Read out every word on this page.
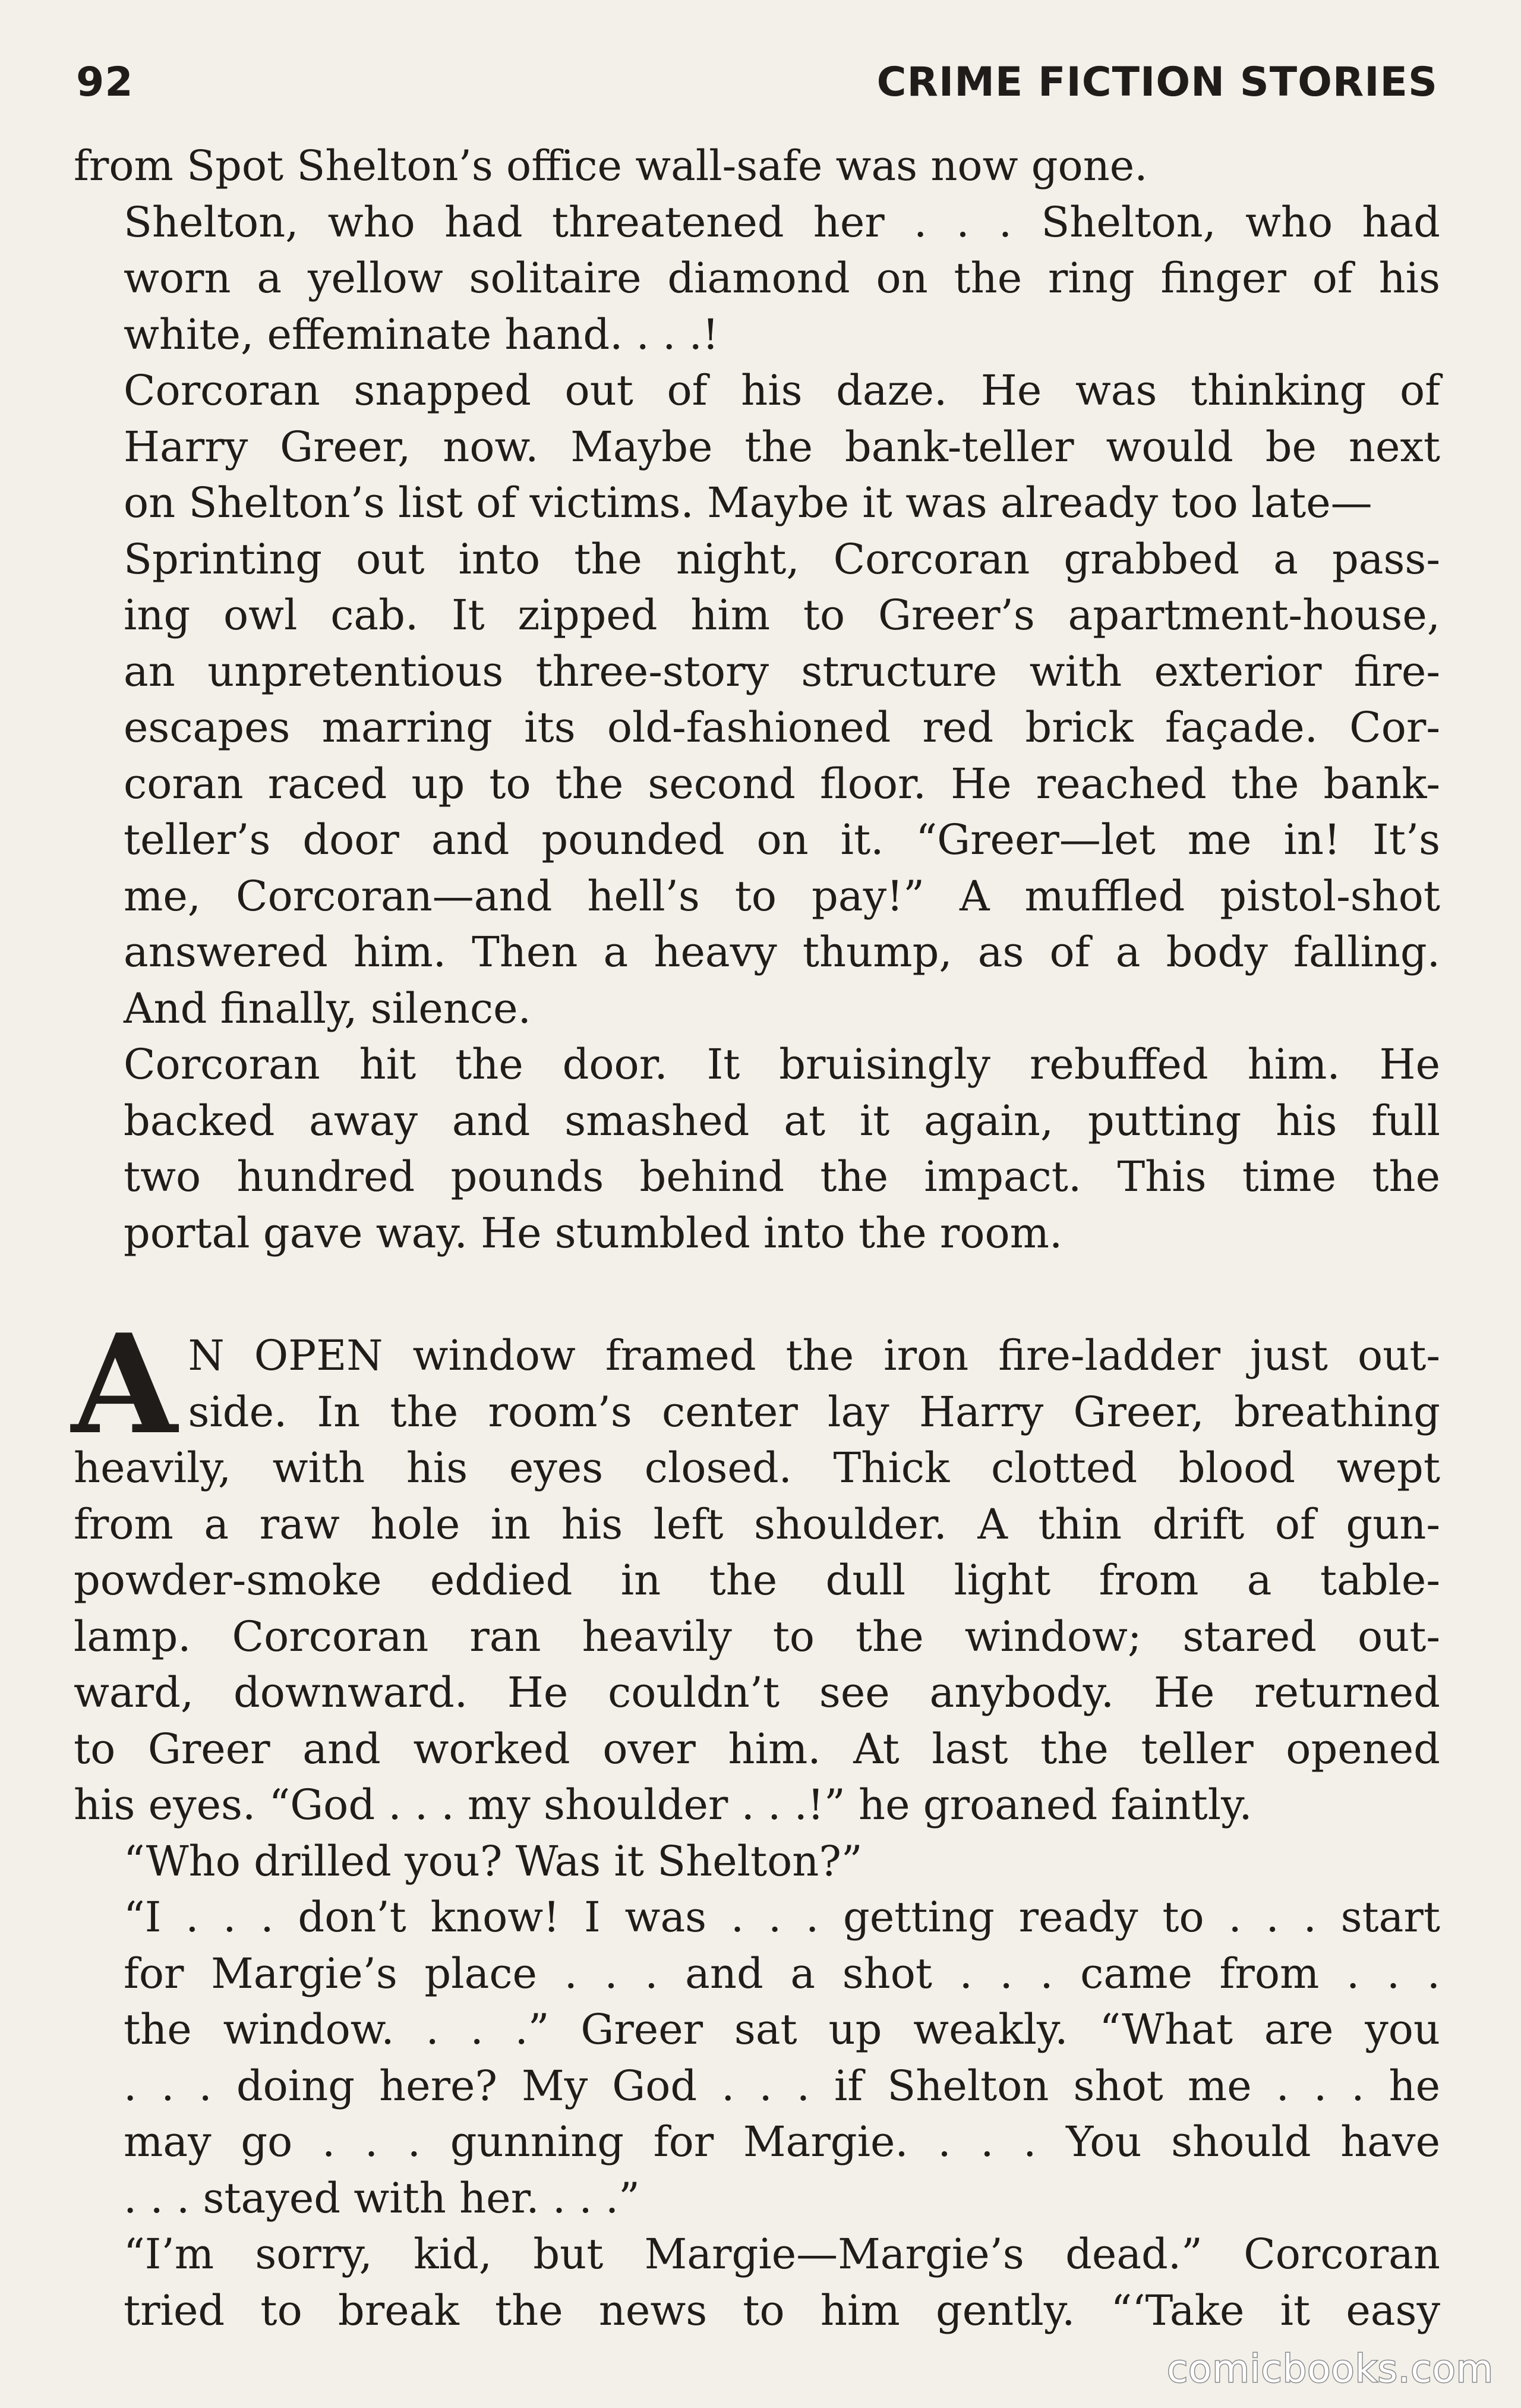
92	CRIME FICTION STORIES

from Spot Shelton’s office wall-safe was now gone.

Shelton, who had threatened her . . . Shelton, who had
worn a yellow solitaire diamond on the ring finger of his
white, effeminate hand. . . .!

Corcoran snapped out of his daze. He was thinking of
Harry Greer, now. Maybe the bank-teller would be next
on Shelton’s list of victims. Maybe it was already too late—

Sprinting out into the night, Corcoran grabbed a pass-
ing owl cab. It zipped him to Greer’s apartment-house,
an unpretentious three-story structure with exterior fire-
escapes marring its old-fashioned red brick façade. Cor-
coran raced up to the second floor. He reached the bank-
teller’s door and pounded on it. “Greer—let me in! It’s
me, Corcoran—and hell’s to pay!” A muffled pistol-shot
answered him. Then a heavy thump, as of a body falling.
And finally, silence.

Corcoran hit the door. It bruisingly rebuffed him. He
backed away and smashed at it again, putting his full
two hundred pounds behind the impact. This time the
portal gave way. He stumbled into the room.

A N OPEN window framed the iron fire-ladder just out-
side. In the room’s center lay Harry Greer, breathing
heavily, with his eyes closed. Thick clotted blood wept
from a raw hole in his left shoulder. A thin drift of gun-
powder-smoke eddied in the dull light from a table-
lamp. Corcoran ran heavily to the window; stared out-
ward, downward. He couldn’t see anybody. He returned
to Greer and worked over him. At last the teller opened
his eyes. “God . . . my shoulder . . .!” he groaned faintly.

“Who drilled you? Was it Shelton?”

“I . . . don’t know! I was . . . getting ready to . . . start
for Margie’s place . . . and a shot . . . came from . . .
the window. . . .” Greer sat up weakly. “What are you
. . . doing here? My God . . . if Shelton shot me . . . he
may go . . . gunning for Margie. . . . You should have
. . . stayed with her. . . .”

“I’m sorry, kid, but Margie—Margie’s dead.” Corcoran
tried to break the news to him gently. “‘Take it easy

comicbooks.com
